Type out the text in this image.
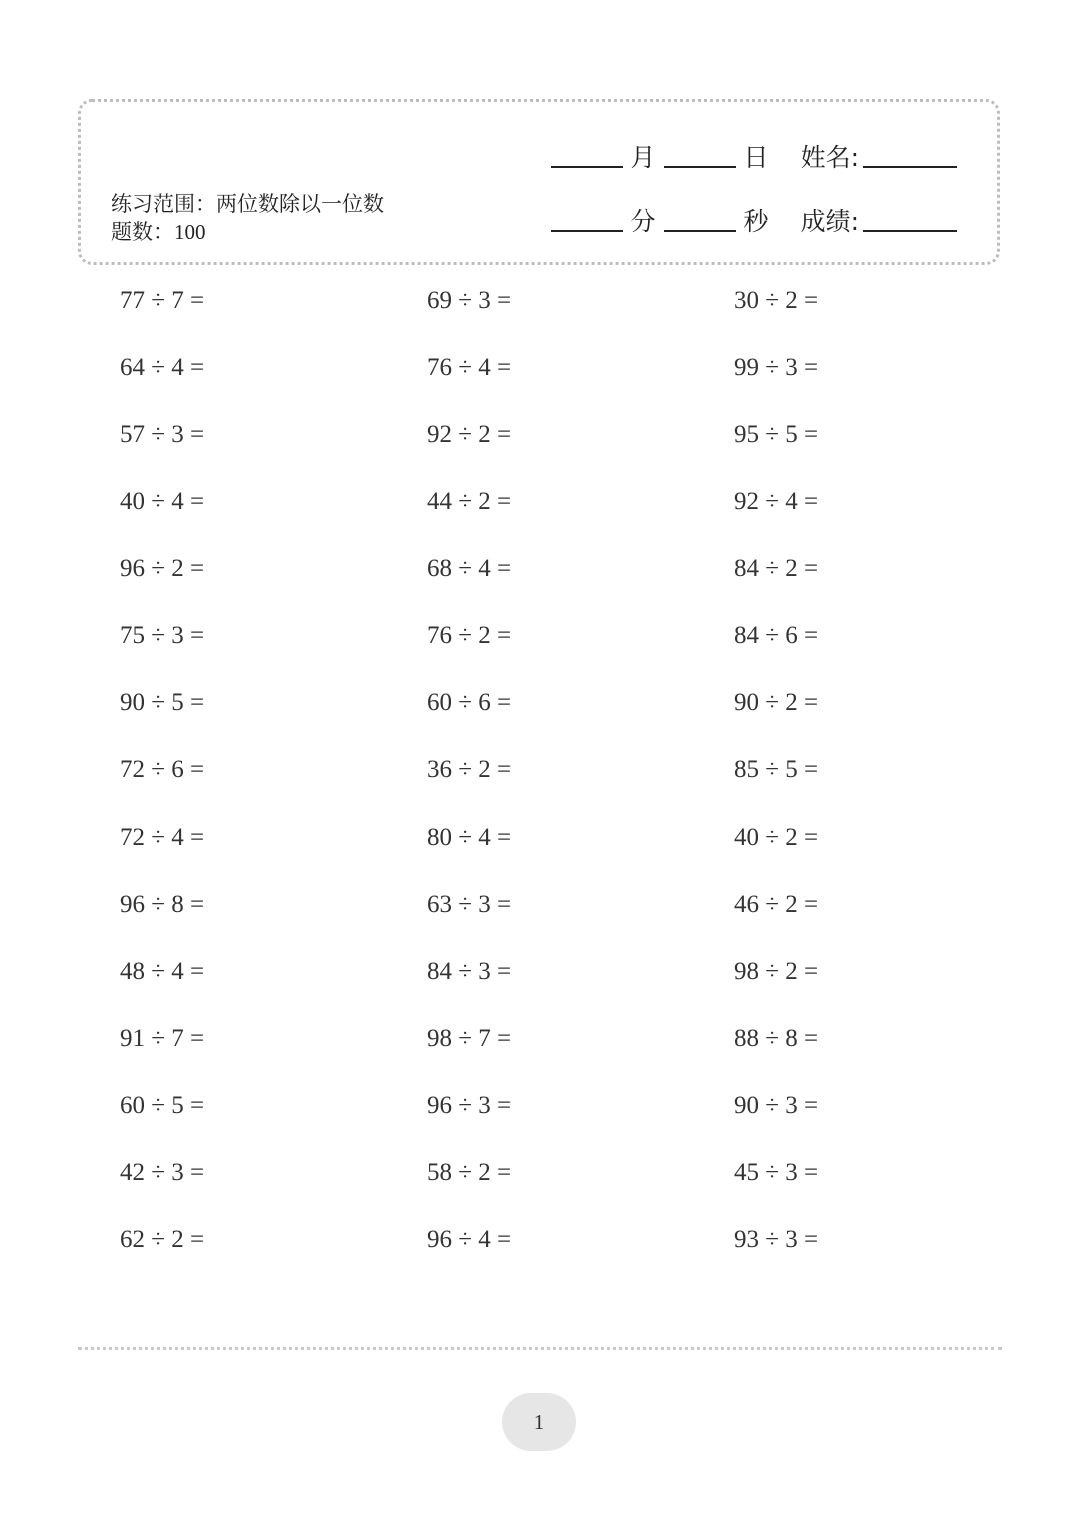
月	日 姓名:
分	秒 成绩:
练习范围：两位数除以一位数 题数：100
77 ÷ 7 =	69 ÷ 3 =	30 ÷ 2 =
64 ÷ 4 =	76 ÷ 4 =	99 ÷ 3 =
57 ÷ 3 =	92 ÷ 2 =	95 ÷ 5 =
40 ÷ 4 =	44 ÷ 2 =	92 ÷ 4 =
96 ÷ 2 =	68 ÷ 4 =	84 ÷ 2 =
75 ÷ 3 =	76 ÷ 2 =	84 ÷ 6 =
90 ÷ 5 =	60 ÷ 6 =	90 ÷ 2 =
72 ÷ 6 =	36 ÷ 2 =	85 ÷ 5 =
72 ÷ 4 =	80 ÷ 4 =	40 ÷ 2 =
96 ÷ 8 =	63 ÷ 3 =	46 ÷ 2 =
48 ÷ 4 =	84 ÷ 3 =	98 ÷ 2 =
91 ÷ 7 =	98 ÷ 7 =	88 ÷ 8 =
60 ÷ 5 =	96 ÷ 3 =	90 ÷ 3 =
42 ÷ 3 =	58 ÷ 2 =	45 ÷ 3 =
62 ÷ 2 =	96 ÷ 4 =	93 ÷ 3 =
1
